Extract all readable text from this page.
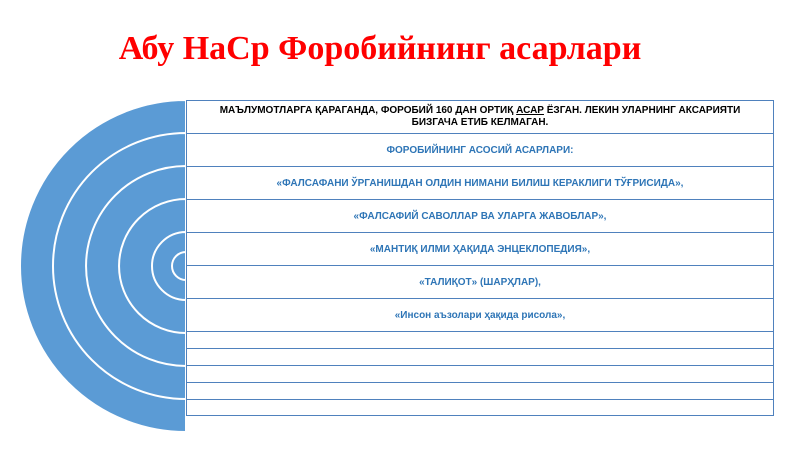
Абу НаСр Форобийнинг асарлари
МАЪЛУМОТЛАРГА ҚАРАГАНДА, ФОРОБИЙ 160 ДАН ОРТИҚ АСАР ЁЗГАН. ЛЕКИН УЛАРНИНГ АКСАРИЯТИ БИЗГАЧА ЕТИБ КЕЛМАГАН.
ФОРОБИЙНИНГ АСОСИЙ АСАРЛАРИ:
«ФАЛСАФАНИ ЎРГАНИШДАН ОЛДИН НИМАНИ БИЛИШ КЕРАКЛИГИ ТЎҒРИСИДА»,
«ФАЛСАФИЙ САВОЛЛАР ВА УЛАРГА ЖАВОБЛАР»,
«МАНТИҚ ИЛМИ ҲАҚИДА ЭНЦЕКЛОПЕДИЯ»,
«ТАЛИҚОТ» (ШАРҲЛАР),
«Инсон аъзолари ҳақида рисола»,
